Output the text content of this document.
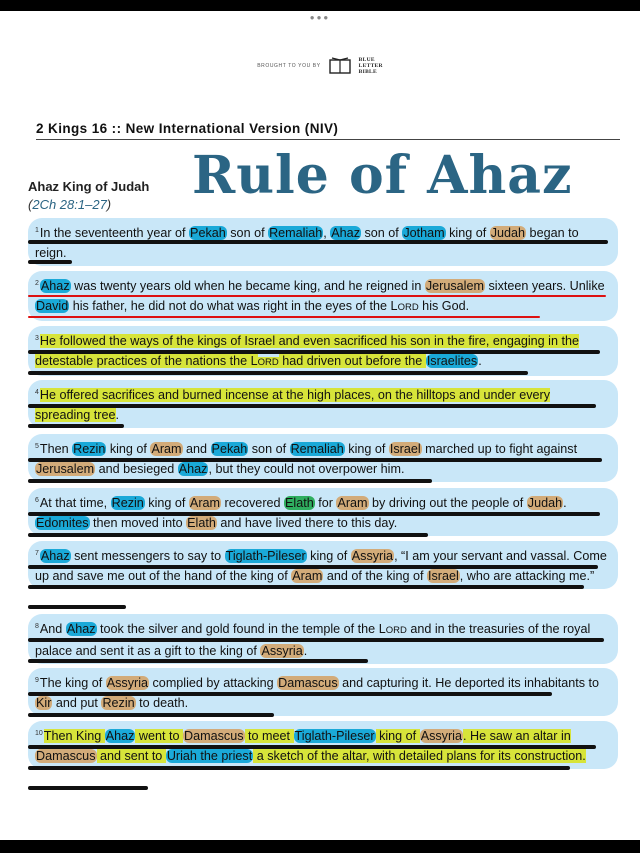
●●●
BROUGHT TO YOU BY
BLUE
LETTER
BIBLE
2 Kings 16 :: New International Version (NIV)
Rule of Ahaz
Ahaz King of Judah
(2Ch 28:1–27)
$^1$In the seventeenth year of Pekah son of Remaliah, Ahaz son of Jotham king of Judah began to reign.
$^2$ Ahaz was twenty years old when he became king, and he reigned in Jerusalem sixteen years. Unlike David his father, he did not do what was right in the eyes of the LORD his God.
$^3$He followed the ways of the kings of Israel and even sacrificed his son in the fire, engaging in the detestable practices of the nations the LORD had driven out before the Israelites.
$^4$He offered sacrifices and burned incense at the high places, on the hilltops and under every spreading tree.
$^5$Then Rezin king of Aram and Pekah son of Remaliah king of Israel marched up to fight against Jerusalem and besieged Ahaz, but they could not overpower him.
$^6$At that time, Rezin king of Aram recovered Elath for Aram by driving out the people of Judah. Edomites then moved into Elath and have lived there to this day.
$^7$ Ahaz sent messengers to say to Tiglath-Pileser king of Assyria, “I am your servant and vassal. Come up and save me out of the hand of the king of Aram and of the king of Israel, who are attacking me.”
$^8$And Ahaz took the silver and gold found in the temple of the LORD and in the treasuries of the royal palace and sent it as a gift to the king of Assyria.
$^9$The king of Assyria complied by attacking Damascus and capturing it. He deported its inhabitants to Kir and put Rezin to death.
$^{10}$Then King Ahaz went to Damascus to meet Tiglath-Pileser king of Assyria. He saw an altar in Damascus and sent to Uriah the priest a sketch of the altar, with detailed plans for its construction.
